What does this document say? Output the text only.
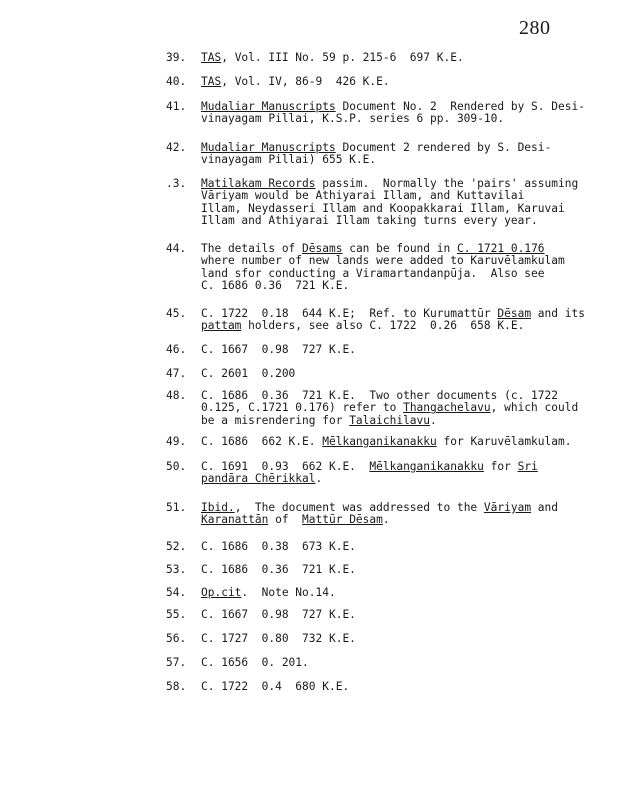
280
39.	TAS, Vol. III No. 59 p. 215-6  697 K.E.
40.	TAS, Vol. IV, 86-9  426 K.E.
41.	Mudaliar Manuscripts Document No. 2  Rendered by S. Desi-
vinayagam Pillai, K.S.P. series 6 pp. 309-10.
42.	Mudaliar Manuscripts Document 2 rendered by S. Desi-
vinayagam Pillai) 655 K.E.
.3.	Matilakam Records passim.  Normally the 'pairs' assuming
Vāriyam would be Athiyarai Illam, and Kuttavilai
Illam, Neydasseri Illam and Koopakkarai Illam, Karuvai
Illam and Athiyarai Illam taking turns every year.
44.	The details of Dēsams can be found in C. 1721 0.176
where number of new lands were added to Karuvēlamkulam
land sfor conducting a Viramartandanpūja.  Also see
C. 1686 0.36  721 K.E.
45.	C. 1722  0.18  644 K.E;  Ref. to Kurumattūr Dēsam and its
pattam holders, see also C. 1722  0.26  658 K.E.
46.	C. 1667  0.98  727 K.E.
47.	C. 2601  0.200
48.	C. 1686  0.36  721 K.E.  Two other documents (c. 1722
0.125, C.1721 0.176) refer to Thangachelavu, which could
be a misrendering for Talaichilavu.
49.	C. 1686  662 K.E. Mēlkanganikanakku for Karuvēlamkulam.
50.	C. 1691  0.93  662 K.E.  Mēlkanganikanakku for Sri
pandāra Chērikkal.
51.	Ibid.,  The document was addressed to the Vāriyam and
Karanattān of  Mattūr Dēsam.
52.	C. 1686  0.38  673 K.E.
53.	C. 1686  0.36  721 K.E.
54.	Op.cit.  Note No.14.
55.	C. 1667  0.98  727 K.E.
56.	C. 1727  0.80  732 K.E.
57.	C. 1656  0. 201.
58.	C. 1722  0.4  680 K.E.
